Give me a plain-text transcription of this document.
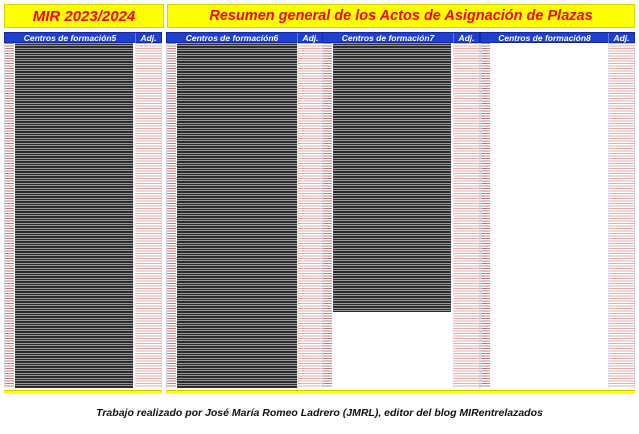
MIR 2023/2024	Resumen general de los Actos de Asignación de Plazas
Centros de formación5	Adj.	Centros de formación6	Adj.	Centros de formación7	Adj.	Centros de formación8	Adj.
Trabajo realizado por José María Romeo Ladrero (JMRL), editor del blog MIRentrelazados
